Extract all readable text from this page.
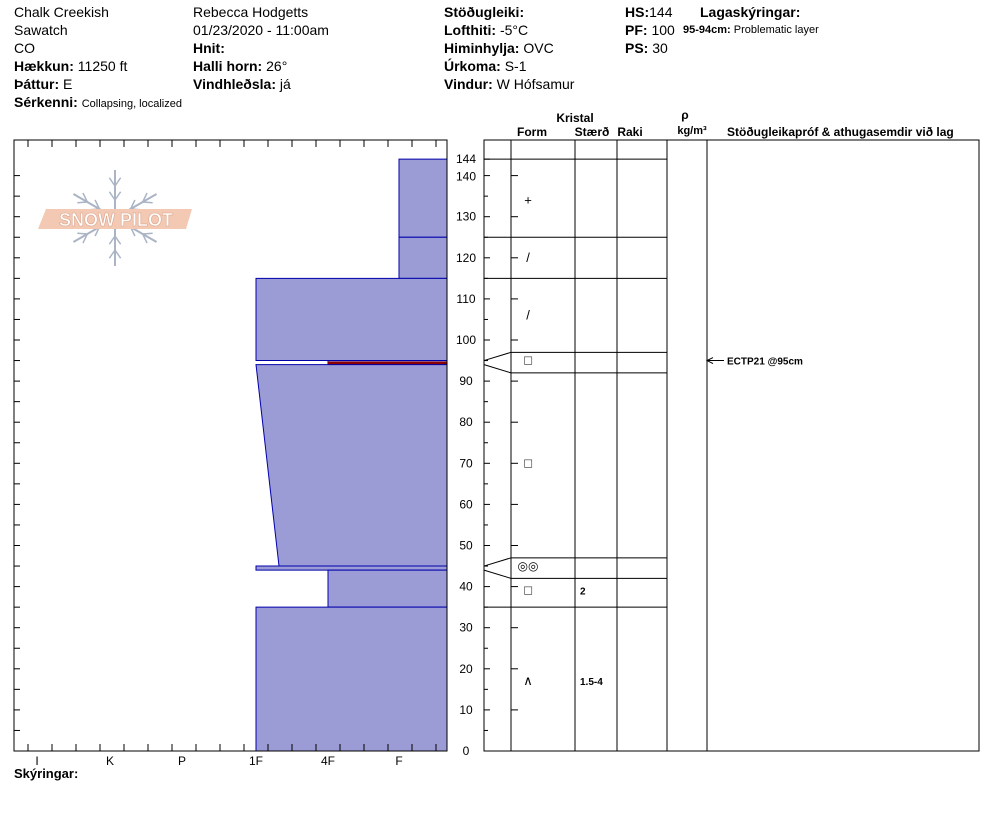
Chalk Creekish
Sawatch
CO
Hækkun: 11250 ft
Þáttur: E
Sérkenni: Collapsing, localized
Rebecca Hodgetts
01/23/2020 - 11:00am
Hnit:
Halli horn: 26°
Vindhleðsla: já
Stöðugleiki:
Lofthiti: -5°C
Himinhylja: OVC
Úrkoma: S-1
Vindur: W Hófsamur
HS:144
PF: 100
PS: 30
Lagaskýringar:
95-94cm: Problematic layer
I	K	P	1F	4F	F
SNOW PILOT
0
10
20
30
40
50
60
70
80
90
100
110
120
130
140
144
Kristal
Form Stærð Raki
ρ
kg/m³ Stöðugleikapróf & athugasemdir við lag
+
/
/
□
□
◎◎
□	2
∧	1.5-4
ECTP21 @95cm
Skýringar:
